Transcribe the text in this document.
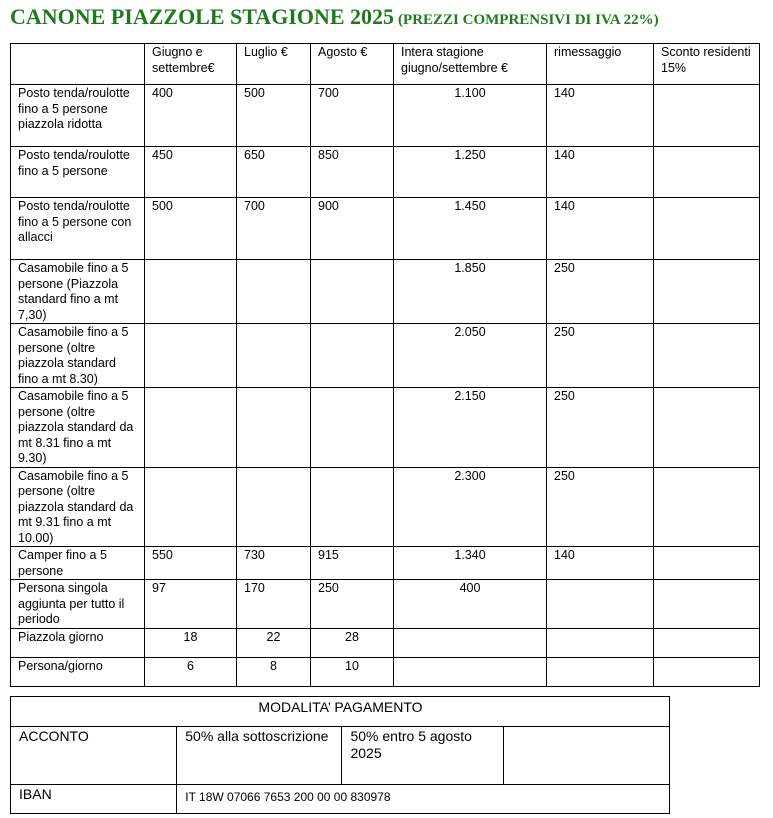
CANONE PIAZZOLE STAGIONE 2025 (PREZZI COMPRENSIVI DI IVA 22%)
	Giugno e settembre€	Luglio €	Agosto €	Intera stagione giugno/settembre €	rimessaggio	Sconto residenti 15%
Posto tenda/roulotte fino a 5 persone piazzola ridotta	400	500	700	1.100	140	
Posto tenda/roulotte fino a 5 persone	450	650	850	1.250	140	
Posto tenda/roulotte fino a 5 persone con allacci	500	700	900	1.450	140	
Casamobile fino a 5 persone (Piazzola standard fino a mt 7,30)				1.850	250	
Casamobile fino a 5 persone (oltre piazzola standard fino a mt 8.30)				2.050	250	
Casamobile fino a 5 persone (oltre piazzola standard da mt 8.31 fino a mt 9.30)				2.150	250	
Casamobile fino a 5 persone (oltre piazzola standard da mt 9.31 fino a mt 10.00)				2.300	250	
Camper fino a 5 persone	550	730	915	1.340	140	
Persona singola aggiunta per tutto il periodo	97	170	250	400		
Piazzola giorno	18	22	28			
Persona/giorno	6	8	10			
MODALITA’ PAGAMENTO			
ACCONTO	50% alla sottoscrizione	50% entro 5 agosto 2025	
IBAN	IT 18W 07066 7653 200 00 00 830978		
